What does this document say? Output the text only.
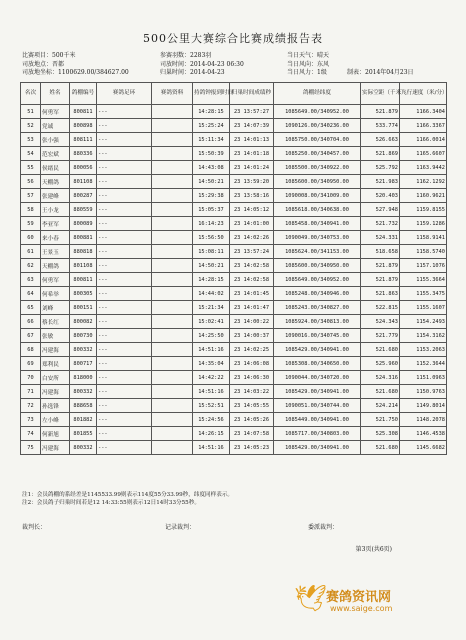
500公里大赛综合比赛成绩报告表
比赛项目：500千米	参赛羽数：2283羽	当日天气：晴天
司放地点：晋都	司放时间：2014-04-23 06:30	当日风向：东风
司放地坐标：1100629.00/384627.00	归巢时间：2014-04-23	当日风力：1级	制表：2014年04月23日
名次	姓名	鸽棚编号	赛鸽足环	赛鸽资料	持鸽钟报到时间	归巢时间成绩秒	鸽棚经纬度	实际空距（千米）	飞行速度（米/分）
51	何勇军	800811	---		14:28:15	23 13:57:27	1085649.00/340952.00	521.879	1166.3404
52	党诚	800898	---		15:25:24	23 14:07:39	1090126.00/340236.00	533.774	1166.3367
53	张小强	808111	---		15:11:34	23 14:01:13	1085750.00/340704.00	526.663	1166.0014
54	范宏斌	880336	---		15:50:39	23 14:01:18	1085250.00/340457.00	521.869	1165.6607
55	侯绪民	800056	---		14:43:08	23 14:01:24	1085500.00/340922.00	525.792	1163.9442
56	天棚鸽	801108	---		14:50:21	23 13:59:20	1085600.00/340950.00	521.983	1162.1292
57	张建峰	800287	---		15:29:38	23 13:58:16	1090008.00/341009.00	520.403	1160.9621
58	王小龙	880559	---		15:05:37	23 14:05:12	1085618.00/340638.00	527.948	1159.8155
59	李亚军	800089	---		16:14:23	23 14:01:00	1085458.00/340941.00	521.732	1159.1286
60	来小春	800881	---		15:56:50	23 14:02:26	1090049.00/340753.00	524.331	1158.9141
61	王景玉	880818	---		15:08:11	23 13:57:24	1085624.00/341153.00	518.658	1158.5740
62	天棚鸽	801108	---		14:50:21	23 14:02:58	1085600.00/340950.00	521.879	1157.1076
63	何勇军	800811	---		14:28:15	23 14:02:58	1085649.00/340952.00	521.879	1155.3664
64	何希举	800305	---		14:44:02	23 14:01:45	1085248.00/340946.00	521.863	1155.3475
65	刘峰	800151	---		15:21:34	23 14:01:47	1085243.00/340827.00	522.815	1155.1607
66	蔡长红	800082	---		15:02:41	23 14:00:22	1085924.00/340813.00	524.343	1154.2493
67	张敏	800730	---		14:25:50	23 14:00:37	1090016.00/340745.00	521.779	1154.3162
68	冯建海	800332	---		14:51:16	23 14:02:25	1085429.00/340941.00	521.680	1153.2063
69	郑利民	800717	---		14:35:04	23 14:06:08	1085308.00/340650.00	525.960	1152.3644
70	白安所	818000	---		14:42:22	23 14:06:30	1090044.00/340720.00	524.316	1151.0963
71	冯建海	800332	---		14:51:16	23 14:03:22	1085429.00/340941.00	521.680	1150.9763
72	孙选锋	888658	---		15:52:51	23 14:05:55	1090051.00/340744.00	524.214	1149.8014
73	左小峰	801882	---		15:24:56	23 14:05:26	1085449.00/340941.00	521.750	1148.2078
74	何新旭	801855	---		14:26:15	23 14:07:58	1085717.00/340803.00	525.308	1146.4538
75	冯建海	800332	---		14:51:16	23 14:05:23	1085429.00/340941.00	521.680	1145.6682
注1：会员鸽棚的系经差是1145533.99则表示114度55分33.99秒，纬度同样表示。
注2：会员鸽子归巢时间若是12 14:33:55则表示12日14时33分55秒。
裁判长：	记录裁判：	委派裁判：
第3页(共6页)
🕊
赛鸽资讯网
www.saige.com
